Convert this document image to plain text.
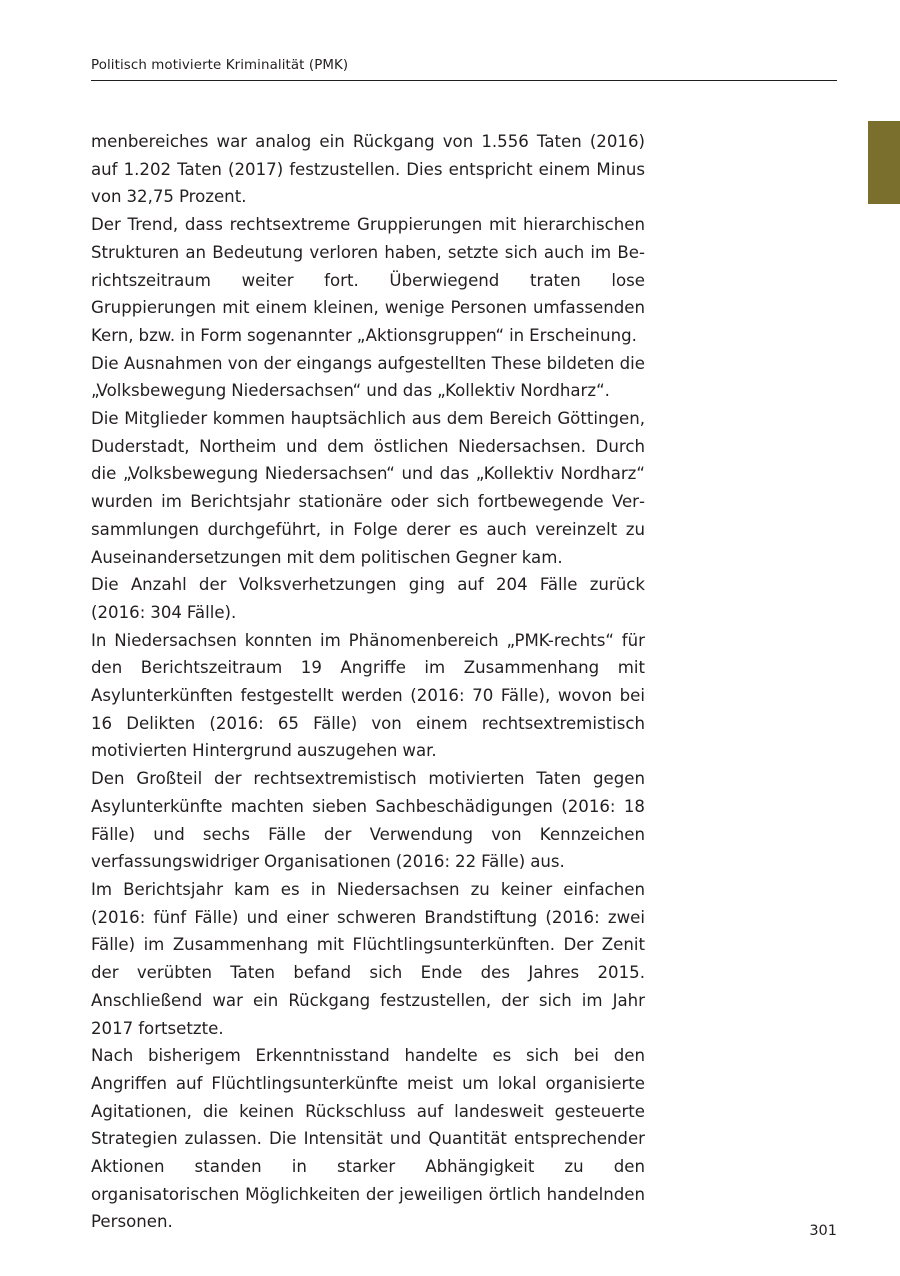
Politisch motivierte Kriminalität (PMK)

menbereiches war analog ein Rückgang von 1.556 Taten (2016) auf 1.202 Taten (2017) festzustellen. Dies entspricht einem Minus von 32,75 Prozent.

Der Trend, dass rechtsextreme Gruppierungen mit hierarchischen Strukturen an Bedeutung verloren haben, setzte sich auch im Berichtszeitraum weiter fort. Überwiegend traten lose Gruppierungen mit einem kleinen, wenige Personen umfassenden Kern, bzw. in Form sogenannter „Aktionsgruppen“ in Erscheinung.

Die Ausnahmen von der eingangs aufgestellten These bildeten die „Volksbewegung Niedersachsen“ und das „Kollektiv Nordharz“.

Die Mitglieder kommen hauptsächlich aus dem Bereich Göttingen, Duderstadt, Northeim und dem östlichen Niedersachsen. Durch die „Volksbewegung Niedersachsen“ und das „Kollektiv Nordharz“ wurden im Berichtsjahr stationäre oder sich fortbewegende Versammlungen durchgeführt, in Folge derer es auch vereinzelt zu Auseinandersetzungen mit dem politischen Gegner kam.

Die Anzahl der Volksverhetzungen ging auf 204 Fälle zurück (2016: 304 Fälle).

In Niedersachsen konnten im Phänomenbereich „PMK-rechts“ für den Berichtszeitraum 19 Angriffe im Zusammenhang mit Asylunterkünften festgestellt werden (2016: 70 Fälle), wovon bei 16 Delikten (2016: 65 Fälle) von einem rechtsextremistisch motivierten Hintergrund auszugehen war.

Den Großteil der rechtsextremistisch motivierten Taten gegen Asylunterkünfte machten sieben Sachbeschädigungen (2016: 18 Fälle) und sechs Fälle der Verwendung von Kennzeichen verfassungswidriger Organisationen (2016: 22 Fälle) aus.

Im Berichtsjahr kam es in Niedersachsen zu keiner einfachen (2016: fünf Fälle) und einer schweren Brandstiftung (2016: zwei Fälle) im Zusammenhang mit Flüchtlingsunterkünften. Der Zenit der verübten Taten befand sich Ende des Jahres 2015. Anschließend war ein Rückgang festzustellen, der sich im Jahr 2017 fortsetzte.

Nach bisherigem Erkenntnisstand handelte es sich bei den Angriffen auf Flüchtlingsunterkünfte meist um lokal organisierte Agitationen, die keinen Rückschluss auf landesweit gesteuerte Strategien zulassen. Die Intensität und Quantität entsprechender Aktionen standen in starker Abhängigkeit zu den organisatorischen Möglichkeiten der jeweiligen örtlich handelnden Personen.	301
